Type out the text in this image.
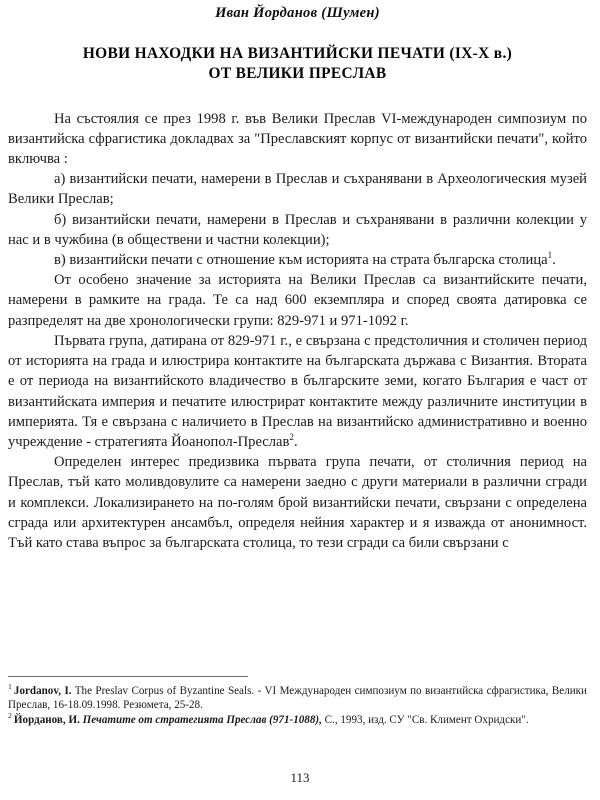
Иван Йорданов (Шумен)
НОВИ НАХОДКИ НА ВИЗАНТИЙСКИ ПЕЧАТИ (IX-X в.)
ОТ ВЕЛИКИ ПРЕСЛАВ

На състоялия се през 1998 г. във Велики Преслав VI-международен симпозиум по византийска сфрагистика докладвах за "Преславският корпус от византийски печати", който включва :

а) византийски печати, намерени в Преслав и съхранявани в Археологическия музей Велики Преслав;

б) византийски печати, намерени в Преслав и съхранявани в различни колекции у нас и в чужбина (в обществени и частни колекции);

в) византийски печати с отношение към историята на страта българска столица$^1$.

От особено значение за историята на Велики Преслав са византийските печати, намерени в рамките на града. Те са над 600 екземпляра и според своята датировка се разпределят на две хронологически групи: 829-971 и 971-1092 г.

Първата група, датирана от 829-971 г., е свързана с предстоличния и столичен период от историята на града и илюстрира контактите на българската държава с Византия. Втората е от периода на византийското владичество в българските земи, когато България е част от византийската империя и печатите илюстрират контактите между различните институции в империята. Тя е свързана с наличието в Преслав на византийско административно и военно учреждение - стратегията Йоанопол-Преслав$^2$.

Определен интерес предизвика първата група печати, от столичния период на Преслав, тъй като моливдовулите са намерени заедно с други материали в различни сгради и комплекси. Локализирането на по-голям брой византийски печати, свързани с определена сграда или архитектурен ансамбъл, определя нейния характер и я изважда от анонимност. Тъй като става въпрос за българската столица, то тези сгради са били свързани с

$^1$ Jordanov, I. The Preslav Corpus of Byzantine Seals. - VI Международен симпозиум по византийска сфрагистика, Велики Преслав, 16-18.09.1998. Резюмета, 25-28.

$^2$ Йорданов, И. Печатите от стратегията Преслав (971-1088), С., 1993, изд. СУ "Св. Климент Охридски".

113
